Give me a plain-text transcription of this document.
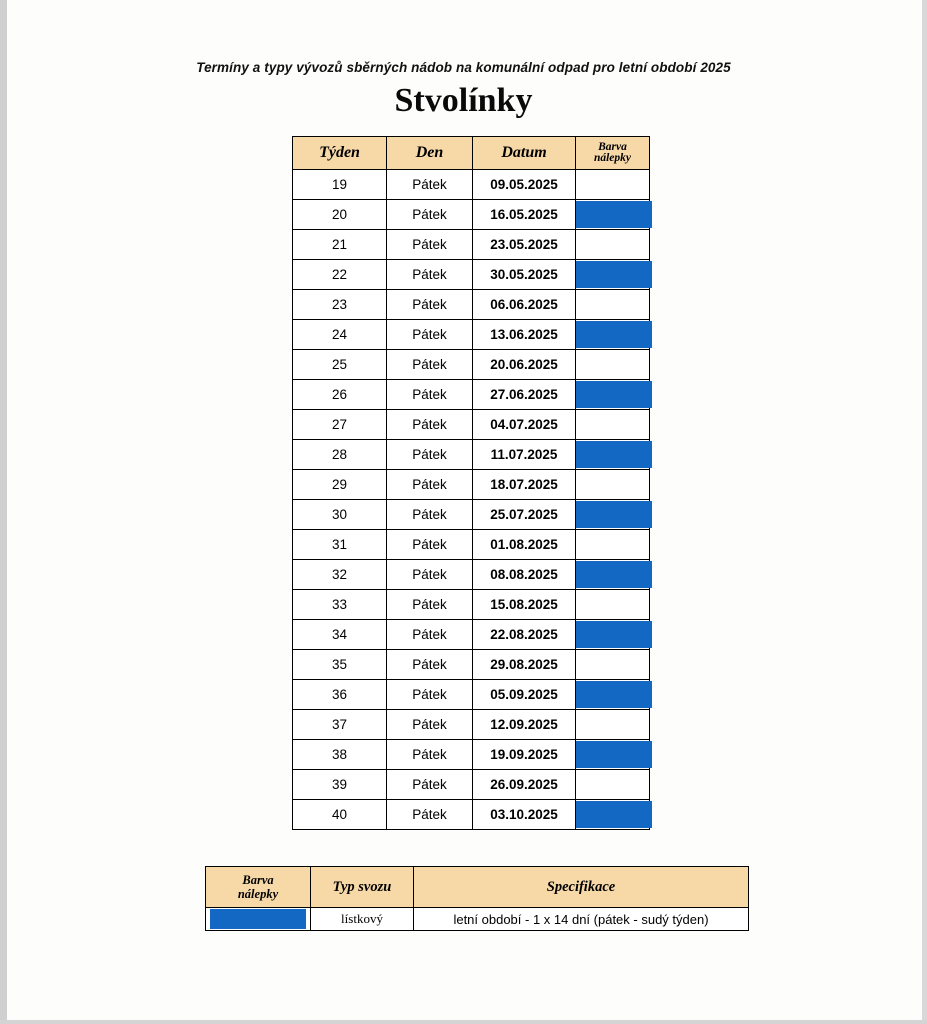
Termíny a typy vývozů sběrných nádob na komunální odpad pro letní období 2025
Stvolínky
Týden	Den	Datum	Barva
nálepky

19	Pátek	09.05.2025	

20	Pátek	16.05.2025	

21	Pátek	23.05.2025	

22	Pátek	30.05.2025	

23	Pátek	06.06.2025	

24	Pátek	13.06.2025	

25	Pátek	20.06.2025	

26	Pátek	27.06.2025	

27	Pátek	04.07.2025	

28	Pátek	11.07.2025	

29	Pátek	18.07.2025	

30	Pátek	25.07.2025	

31	Pátek	01.08.2025	

32	Pátek	08.08.2025	

33	Pátek	15.08.2025	

34	Pátek	22.08.2025	

35	Pátek	29.08.2025	

36	Pátek	05.09.2025	

37	Pátek	12.09.2025	

38	Pátek	19.09.2025	

39	Pátek	26.09.2025	

40	Pátek	03.10.2025	
Barva
nálepky	Typ svozu	Specifikace

	lístkový	letní období - 1 x 14 dní (pátek - sudý týden)
